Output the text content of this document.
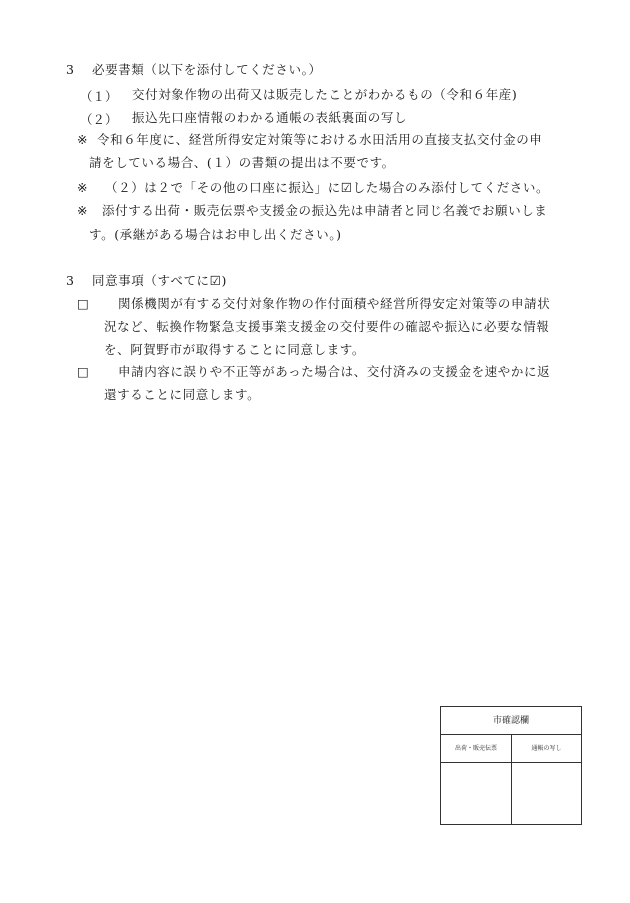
3 必要書類（以下を添付してください。）
（１） 交付対象作物の出荷又は販売したことがわかるもの（令和６年産)
（２） 振込先口座情報のわかる通帳の表紙裏面の写し
※ 令和６年度に、経営所得安定対策等における水田活用の直接支払交付金の申
請をしている場合、(１）の書類の提出は不要です。
※ （２）は２で「その他の口座に振込」に☑した場合のみ添付してください。
※ 添付する出荷・販売伝票や支援金の振込先は申請者と同じ名義でお願いしま
す。(承継がある場合はお申し出ください。)
3 同意事項（すべてに☑)
□ 関係機関が有する交付対象作物の作付面積や経営所得安定対策等の申請状
況など、転換作物緊急支援事業支援金の交付要件の確認や振込に必要な情報
を、阿賀野市が取得することに同意します。
□ 申請内容に誤りや不正等があった場合は、交付済みの支援金を速やかに返
還することに同意します。
市確認欄
出荷・販売伝票	通帳の写し
